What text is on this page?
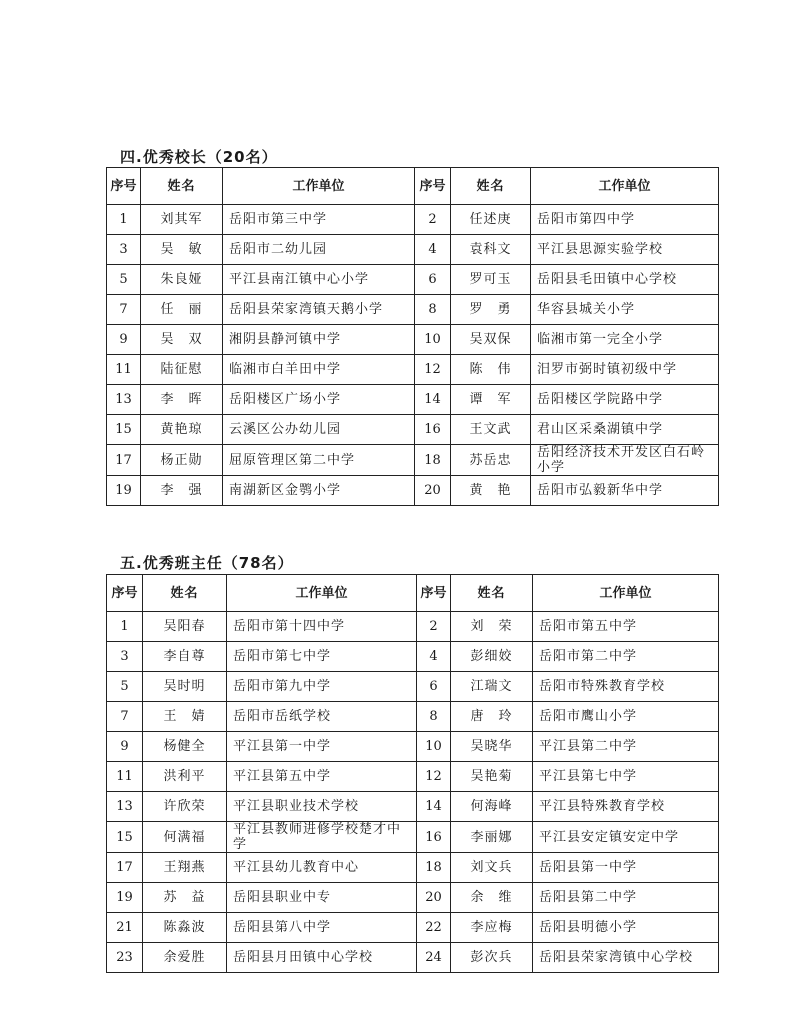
四.优秀校长（20名）
序号	姓名	工作单位	序号	姓名	工作单位
1	刘其军	岳阳市第三中学	2	任述庚	岳阳市第四中学
3	吴　敏	岳阳市二幼儿园	4	袁科文	平江县思源实验学校
5	朱良娅	平江县南江镇中心小学	6	罗可玉	岳阳县毛田镇中心学校
7	任　丽	岳阳县荣家湾镇天鹅小学	8	罗　勇	华容县城关小学
9	吴　双	湘阴县静河镇中学	10	吴双保	临湘市第一完全小学
11	陆征慰	临湘市白羊田中学	12	陈　伟	汨罗市弼时镇初级中学
13	李　晖	岳阳楼区广场小学	14	谭　军	岳阳楼区学院路中学
15	黄艳琼	云溪区公办幼儿园	16	王文武	君山区采桑湖镇中学
17	杨正勋	屈原管理区第二中学	18	苏岳忠	岳阳经济技术开发区白石岭小学
19	李　强	南湖新区金鹗小学	20	黄　艳	岳阳市弘毅新华中学
五.优秀班主任（78名）
序号	姓名	工作单位	序号	姓名	工作单位
1	吴阳春	岳阳市第十四中学	2	刘　荣	岳阳市第五中学
3	李自尊	岳阳市第七中学	4	彭细姣	岳阳市第二中学
5	吴时明	岳阳市第九中学	6	江瑞文	岳阳市特殊教育学校
7	王　婧	岳阳市岳纸学校	8	唐　玲	岳阳市鹰山小学
9	杨健全	平江县第一中学	10	吴晓华	平江县第二中学
11	洪利平	平江县第五中学	12	吴艳菊	平江县第七中学
13	许欣荣	平江县职业技术学校	14	何海峰	平江县特殊教育学校
15	何满福	平江县教师进修学校楚才中学	16	李丽娜	平江县安定镇安定中学
17	王翔燕	平江县幼儿教育中心	18	刘文兵	岳阳县第一中学
19	苏　益	岳阳县职业中专	20	余　维	岳阳县第二中学
21	陈淼波	岳阳县第八中学	22	李应梅	岳阳县明德小学
23	余爱胜	岳阳县月田镇中心学校	24	彭次兵	岳阳县荣家湾镇中心学校
